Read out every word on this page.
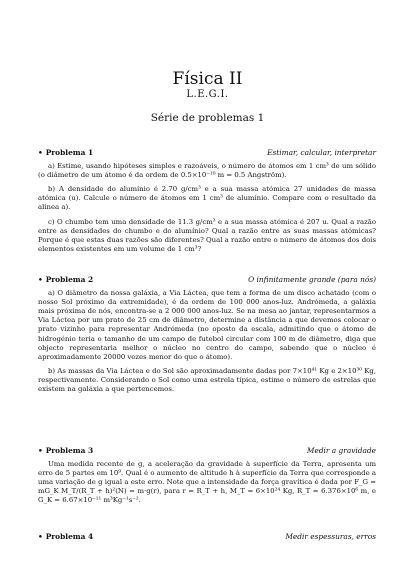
Física II
L.E.G.I.
Série de problemas 1
• Problema 1	Estimar, calcular, interpretar

a) Estime, usando hipóteses simples e razoáveis, o número de átomos em 1 cm³ de um sólido (o diâmetro de um átomo é da ordem de 0.5×10⁻¹⁰ m = 0.5 Angström).

b) A densidade do alumínio é 2.70 g/cm³ e a sua massa atómica 27 unidades de massa atómica (u). Calcule o número de átomos em 1 cm³ de alumínio. Compare com o resultado da alínea a).

c) O chumbo tem uma densidade de 11.3 g/cm³ e a sua massa atómica é 207 u. Qual a razão entre as densidades do chumbo e do alumínio? Qual a razão entre as suas massas atómicas? Porque é que estas duas razões são diferentes? Qual a razão entre o número de átomos dos dois elementos existentes em um volume de 1 cm³?

• Problema 2	O infinitamente grande (para nós)

a) O diâmetro da nossa galáxia, a Via Láctea, que tem a forma de um disco achatado (com o nosso Sol próximo da extremidade), é da ordem de 100 000 anos-luz. Andrómeda, a galáxia mais próxima de nós, encontra-se a 2 000 000 anos-luz. Se na mesa ao jantar, representarmos a Via Láctea por um prato de 25 cm de diâmetro, determine a distância a que devemos colocar o prato vizinho para representar Andrómeda (no oposto da escala, admitindo que o átomo de hidrogénio teria o tamanho de um campo de futebol circular com 100 m de diâmetro, diga que objecto representaria melhor o núcleo no centro do campo, sabendo que o núcleo é aproximadamente 20000 vezes menor do que o átomo).

b) As massas da Via Láctea e do Sol são aproximadamente dadas por 7×10⁴¹ Kg e 2×10³⁰ Kg, respectivamente. Considerando o Sol como uma estrela típica, estime o número de estrelas que existem na galáxia a que pertencemos.

• Problema 3	Medir a gravidade

Uma medida recente de g, a aceleração da gravidade à superfície da Terra, apresenta um erro de 5 partes em 10⁹. Qual é o aumento de altitude h à superfície da Terra que corresponde a uma variação de g igual a este erro. Note que a intensidade da força gravítica é dada por F_G = mG_K M_T/(R_T + h)²(N) = m·g(r), para r = R_T + h, M_T = 6×10²⁴ Kg, R_T = 6.376×10⁶ m, e G_K = 6.67×10⁻¹¹ m³Kg⁻¹s⁻².

• Problema 4	Medir espessuras, erros
